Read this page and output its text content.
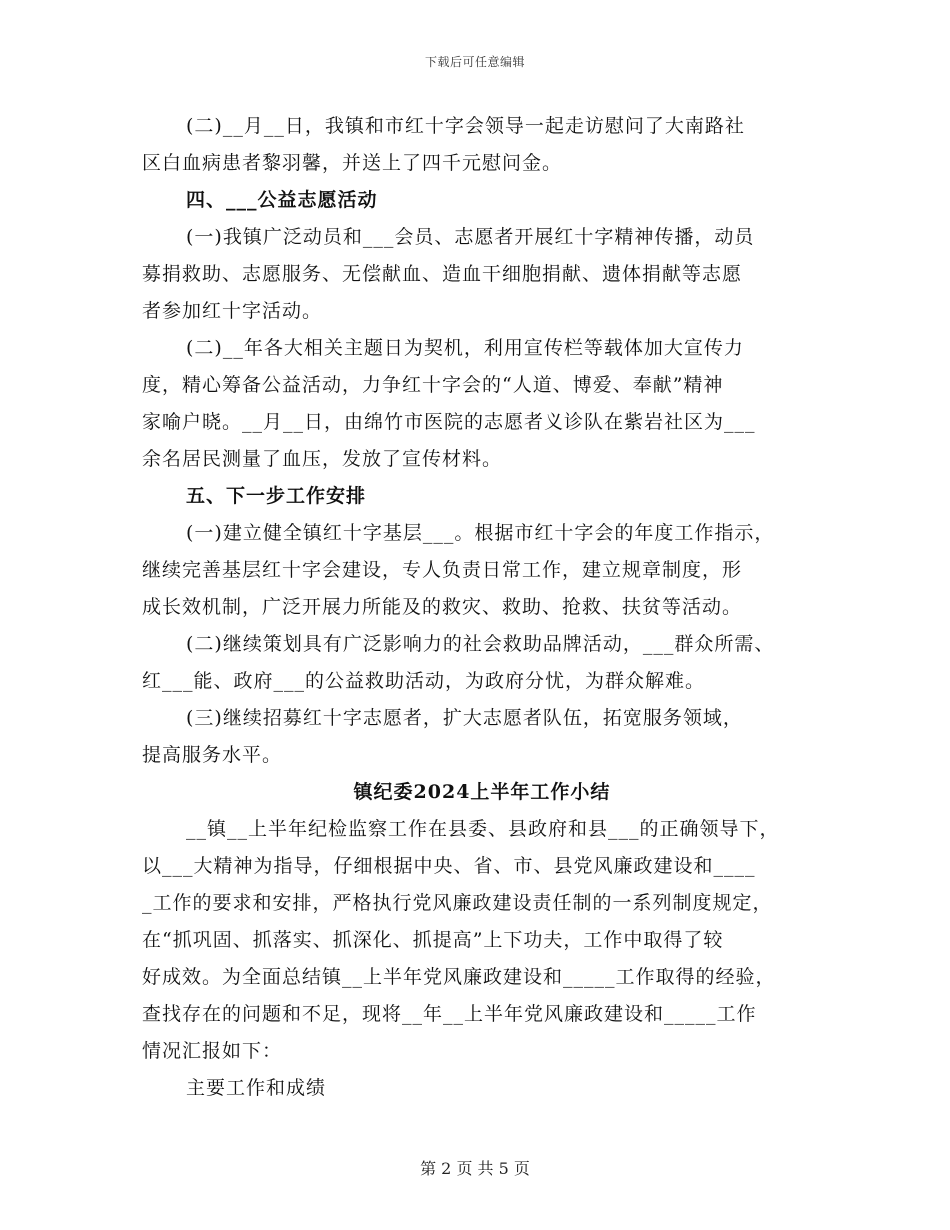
下载后可任意编辑
(二)__月__日，我镇和市红十字会领导一起走访慰问了大南路社
区白血病患者黎羽馨，并送上了四千元慰问金。
四、___公益志愿活动
(一)我镇广泛动员和___会员、志愿者开展红十字精神传播，动员
募捐救助、志愿服务、无偿献血、造血干细胞捐献、遗体捐献等志愿
者参加红十字活动。
(二)__年各大相关主题日为契机，利用宣传栏等载体加大宣传力
度，精心筹备公益活动，力争红十字会的“人道、博爱、奉献”精神
家喻户晓。__月__日，由绵竹市医院的志愿者义诊队在紫岩社区为___
余名居民测量了血压，发放了宣传材料。
五、下一步工作安排
(一)建立健全镇红十字基层___。根据市红十字会的年度工作指示，
继续完善基层红十字会建设，专人负责日常工作，建立规章制度，形
成长效机制，广泛开展力所能及的救灾、救助、抢救、扶贫等活动。
(二)继续策划具有广泛影响力的社会救助品牌活动，___群众所需、
红___能、政府___的公益救助活动，为政府分忧，为群众解难。
(三)继续招募红十字志愿者，扩大志愿者队伍，拓宽服务领域，
提高服务水平。
镇纪委2024上半年工作小结
__镇__上半年纪检监察工作在县委、县政府和县___的正确领导下，
以___大精神为指导，仔细根据中央、省、市、县党风廉政建设和____
_工作的要求和安排，严格执行党风廉政建设责任制的一系列制度规定，
在“抓巩固、抓落实、抓深化、抓提高”上下功夫，工作中取得了较
好成效。为全面总结镇__上半年党风廉政建设和_____工作取得的经验，
查找存在的问题和不足，现将__年__上半年党风廉政建设和_____工作
情况汇报如下：
主要工作和成绩
第 2 页 共 5 页
